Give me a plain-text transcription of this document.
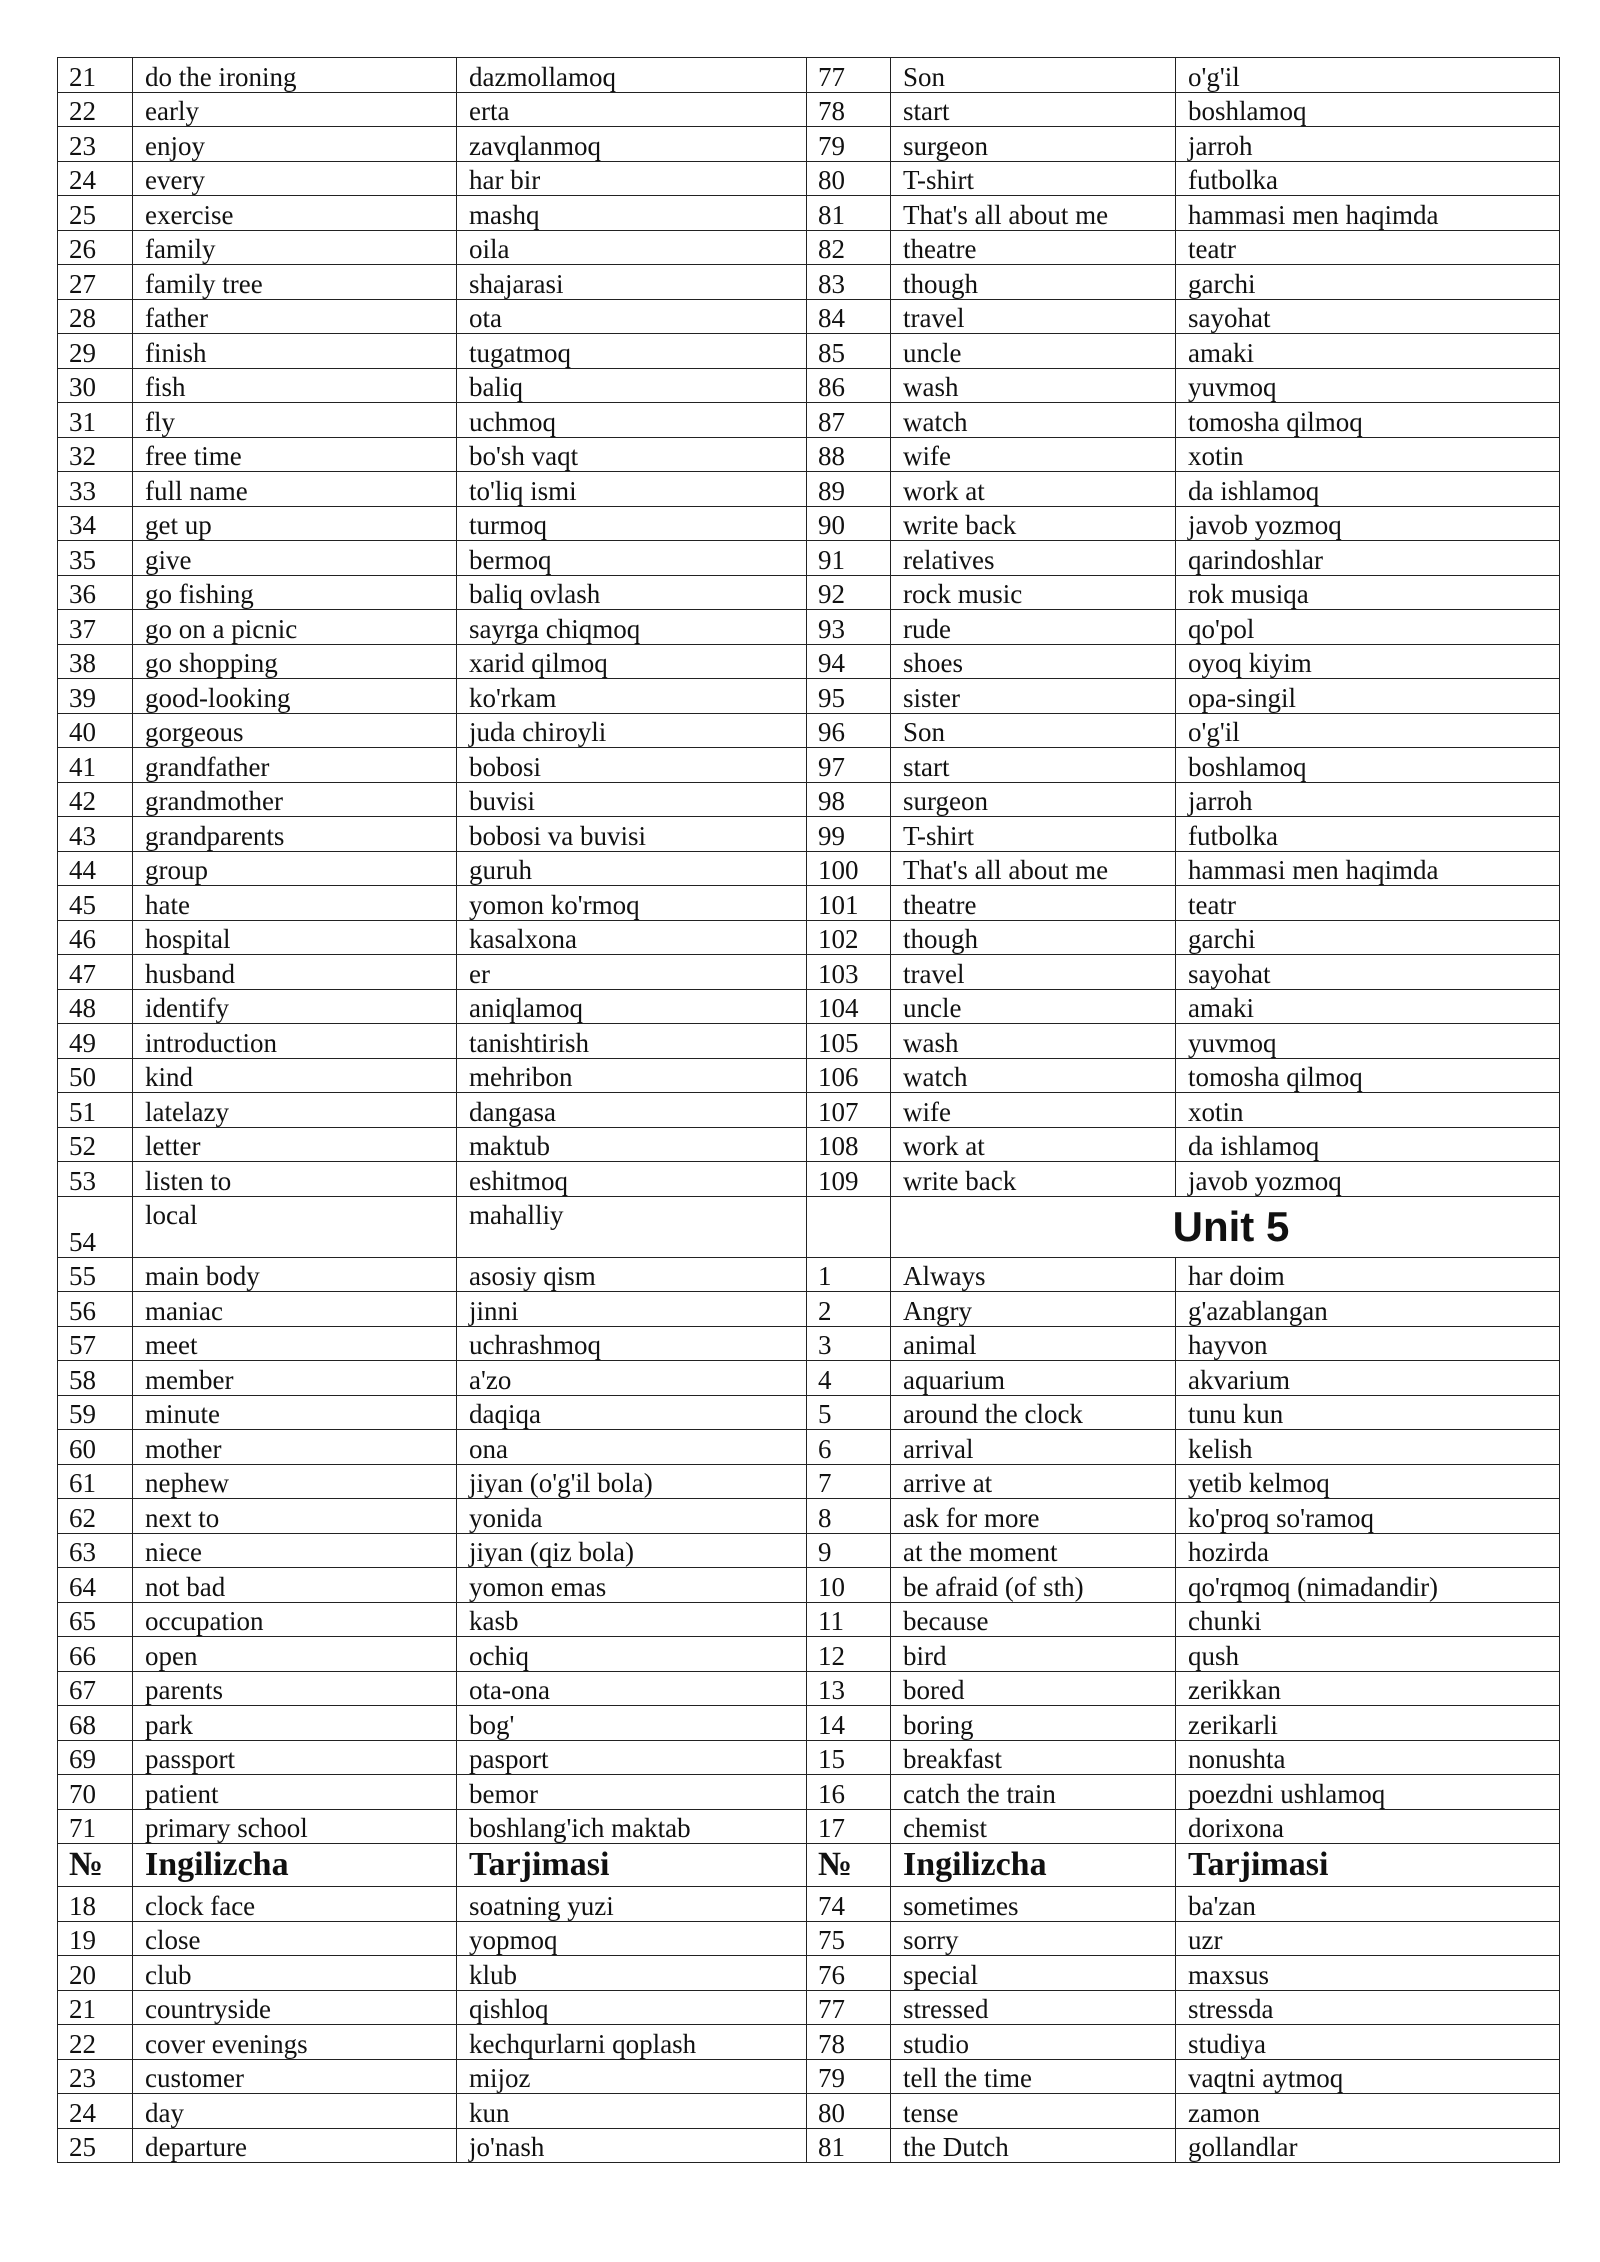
21	do the ironing	dazmollamoq	77	Son	o'g'il
22	early	erta	78	start	boshlamoq
23	enjoy	zavqlanmoq	79	surgeon	jarroh
24	every	har bir	80	T-shirt	futbolka
25	exercise	mashq	81	That's all about me	hammasi men haqimda
26	family	oila	82	theatre	teatr
27	family tree	shajarasi	83	though	garchi
28	father	ota	84	travel	sayohat
29	finish	tugatmoq	85	uncle	amaki
30	fish	baliq	86	wash	yuvmoq
31	fly	uchmoq	87	watch	tomosha qilmoq
32	free time	bo'sh vaqt	88	wife	xotin
33	full name	to'liq ismi	89	work at	da ishlamoq
34	get up	turmoq	90	write back	javob yozmoq
35	give	bermoq	91	relatives	qarindoshlar
36	go fishing	baliq ovlash	92	rock music	rok musiqa
37	go on a picnic	sayrga chiqmoq	93	rude	qo'pol
38	go shopping	xarid qilmoq	94	shoes	oyoq kiyim
39	good-looking	ko'rkam	95	sister	opa-singil
40	gorgeous	juda chiroyli	96	Son	o'g'il
41	grandfather	bobosi	97	start	boshlamoq
42	grandmother	buvisi	98	surgeon	jarroh
43	grandparents	bobosi va buvisi	99	T-shirt	futbolka
44	group	guruh	100	That's all about me	hammasi men haqimda
45	hate	yomon ko'rmoq	101	theatre	teatr
46	hospital	kasalxona	102	though	garchi
47	husband	er	103	travel	sayohat
48	identify	aniqlamoq	104	uncle	amaki
49	introduction	tanishtirish	105	wash	yuvmoq
50	kind	mehribon	106	watch	tomosha qilmoq
51	latelazy	dangasa	107	wife	xotin
52	letter	maktub	108	work at	da ishlamoq
53	listen to	eshitmoq	109	write back	javob yozmoq
54	local	mahalliy		Unit 5	
55	main body	asosiy qism	1	Always	har doim
56	maniac	jinni	2	Angry	g'azablangan
57	meet	uchrashmoq	3	animal	hayvon
58	member	a'zo	4	aquarium	akvarium
59	minute	daqiqa	5	around the clock	tunu kun
60	mother	ona	6	arrival	kelish
61	nephew	jiyan (o'g'il bola)	7	arrive at	yetib kelmoq
62	next to	yonida	8	ask for more	ko'proq so'ramoq
63	niece	jiyan (qiz bola)	9	at the moment	hozirda
64	not bad	yomon emas	10	be afraid (of sth)	qo'rqmoq (nimadandir)
65	occupation	kasb	11	because	chunki
66	open	ochiq	12	bird	qush
67	parents	ota-ona	13	bored	zerikkan
68	park	bog'	14	boring	zerikarli
69	passport	pasport	15	breakfast	nonushta
70	patient	bemor	16	catch the train	poezdni ushlamoq
71	primary school	boshlang'ich maktab	17	chemist	dorixona
№	Ingilizcha	Tarjimasi	№	Ingilizcha	Tarjimasi
18	clock face	soatning yuzi	74	sometimes	ba'zan
19	close	yopmoq	75	sorry	uzr
20	club	klub	76	special	maxsus
21	countryside	qishloq	77	stressed	stressda
22	cover evenings	kechqurlarni qoplash	78	studio	studiya
23	customer	mijoz	79	tell the time	vaqtni aytmoq
24	day	kun	80	tense	zamon
25	departure	jo'nash	81	the Dutch	gollandlar
